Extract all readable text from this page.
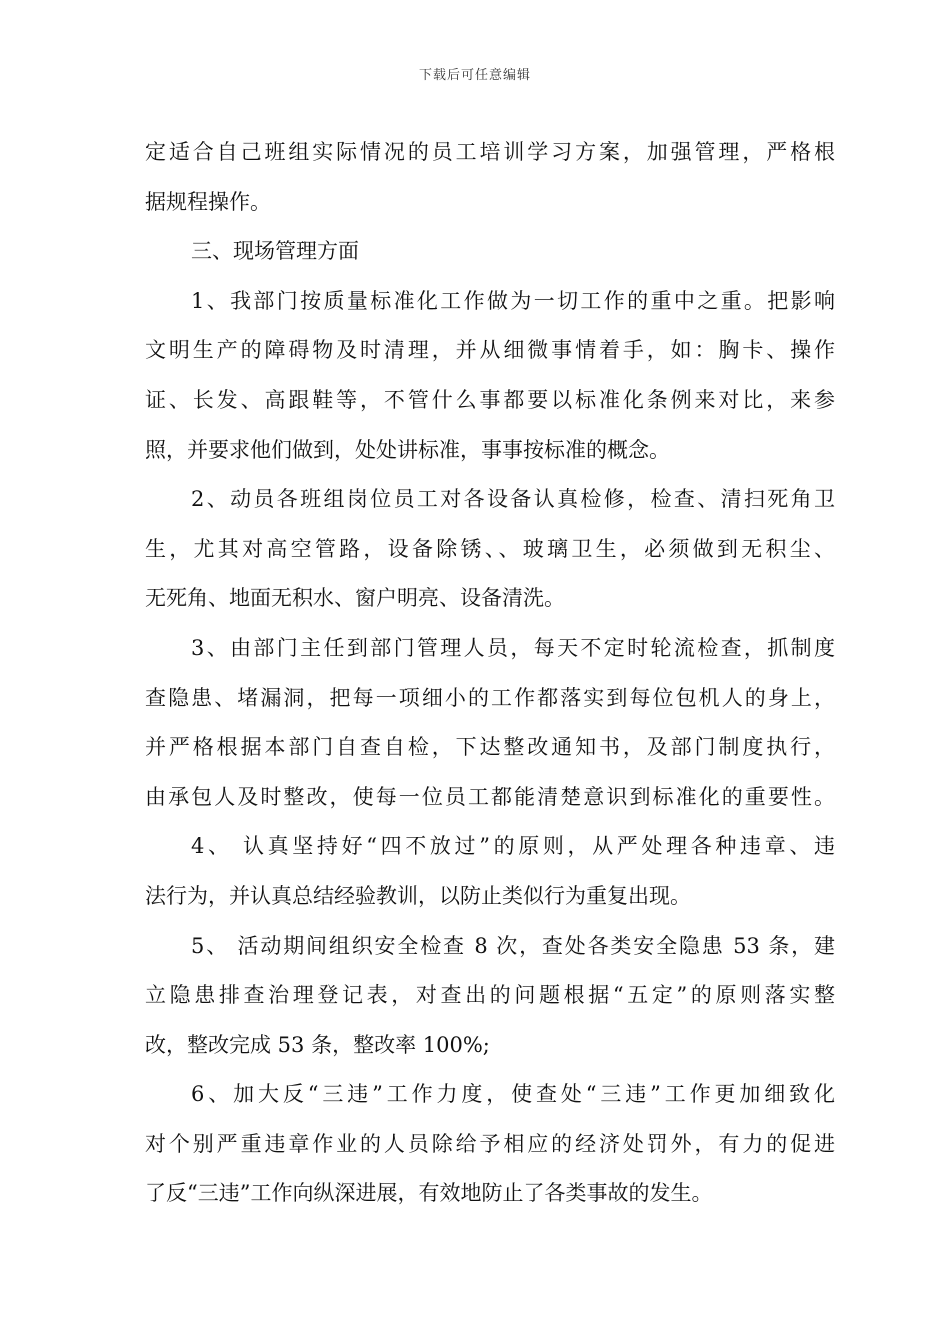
下载后可任意编辑
定适合自己班组实际情况的员工培训学习方案，加强管理，严格根
据规程操作。
三、现场管理方面
1、我部门按质量标准化工作做为一切工作的重中之重。把影响
文明生产的障碍物及时清理，并从细微事情着手，如：胸卡、操作
证、长发、高跟鞋等，不管什么事都要以标准化条例来对比，来参
照，并要求他们做到，处处讲标准，事事按标准的概念。
2、动员各班组岗位员工对各设备认真检修，检查、清扫死角卫
生，尤其对高空管路，设备除锈、、玻璃卫生，必须做到无积尘、
无死角、地面无积水、窗户明亮、设备清洗。
3、由部门主任到部门管理人员，每天不定时轮流检查，抓制度
查隐患、堵漏洞，把每一项细小的工作都落实到每位包机人的身上，
并严格根据本部门自查自检，下达整改通知书，及部门制度执行，
由承包人及时整改，使每一位员工都能清楚意识到标准化的重要性。
4、 认真坚持好“四不放过”的原则，从严处理各种违章、违
法行为，并认真总结经验教训，以防止类似行为重复出现。
5、 活动期间组织安全检查 8 次，查处各类安全隐患 53 条，建
立隐患排查治理登记表，对查出的问题根据“五定”的原则落实整
改，整改完成 53 条，整改率 100%;
6、加大反“三违”工作力度，使查处“三违”工作更加细致化
对个别严重违章作业的人员除给予相应的经济处罚外，有力的促进
了反“三违”工作向纵深进展，有效地防止了各类事故的发生。
